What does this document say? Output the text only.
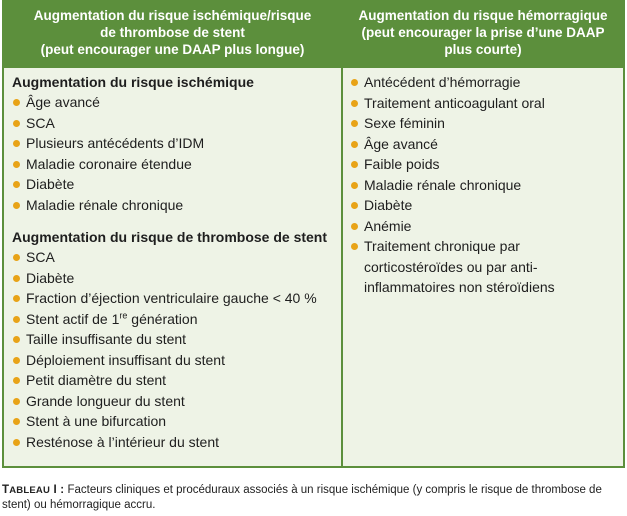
Augmentation du risque ischémique/risque
de thrombose de stent
(peut encourager une DAAP plus longue)
Augmentation du risque hémorragique
(peut encourager la prise d’une DAAP
plus courte)
Augmentation du risque ischémique
Âge avancé
SCA
Plusieurs antécédents d’IDM
Maladie coronaire étendue
Diabète
Maladie rénale chronique
Augmentation du risque de thrombose de stent
SCA
Diabète
Fraction d’éjection ventriculaire gauche < 40 %
Stent actif de 1re génération
Taille insuffisante du stent
Déploiement insuffisant du stent
Petit diamètre du stent
Grande longueur du stent
Stent à une bifurcation
Resténose à l’intérieur du stent
Antécédent d’hémorragie
Traitement anticoagulant oral
Sexe féminin
Âge avancé
Faible poids
Maladie rénale chronique
Diabète
Anémie
Traitement chronique par corticostéroïdes ou par anti-inflammatoires non stéroïdiens
TABLEAU I : Facteurs cliniques et procéduraux associés à un risque ischémique (y compris le risque de thrombose de stent) ou hémorragique accru.
